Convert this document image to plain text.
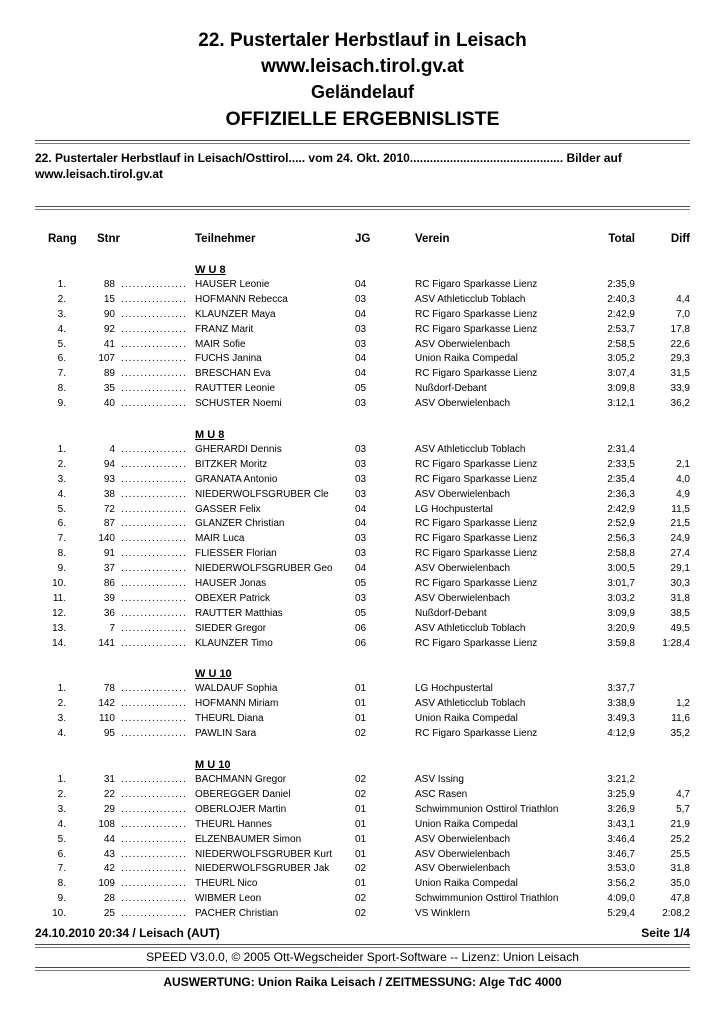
22. Pustertaler Herbstlauf in Leisach
www.leisach.tirol.gv.at
Geländelauf
OFFIZIELLE ERGEBNISLISTE
22. Pustertaler Herbstlauf in Leisach/Osttirol..... vom 24. Okt. 2010.............................................. Bilder auf
www.leisach.tirol.gv.at
Rang	Stnr	Teilnehmer	JG	Verein	Total	Diff
W U 8
1.	88 ................. HAUSER Leonie	04	RC Figaro Sparkasse Lienz	2:35,9
2.	15 ................. HOFMANN Rebecca	03	ASV Athleticclub Toblach	2:40,3	4,4
3.	90 ................. KLAUNZER Maya	04	RC Figaro Sparkasse Lienz	2:42,9	7,0
4.	92 ................. FRANZ Marit	03	RC Figaro Sparkasse Lienz	2:53,7	17,8
5.	41 ................. MAIR Sofie	03	ASV Oberwielenbach	2:58,5	22,6
6.	107 ................. FUCHS Janina	04	Union Raika Compedal	3:05,2	29,3
7.	89 ................. BRESCHAN Eva	04	RC Figaro Sparkasse Lienz	3:07,4	31,5
8.	35 ................. RAUTTER Leonie	05	Nußdorf-Debant	3:09,8	33,9
9.	40 ................. SCHUSTER Noemi	03	ASV Oberwielenbach	3:12,1	36,2
M U 8
1.	4 ................. GHERARDI Dennis	03	ASV Athleticclub Toblach	2:31,4
2.	94 ................. BITZKER Moritz	03	RC Figaro Sparkasse Lienz	2:33,5	2,1
3.	93 ................. GRANATA Antonio	03	RC Figaro Sparkasse Lienz	2:35,4	4,0
4.	38 ................. NIEDERWOLFSGRUBER Cle	03	ASV Oberwielenbach	2:36,3	4,9
5.	72 ................. GASSER Felix	04	LG Hochpustertal	2:42,9	11,5
6.	87 ................. GLANZER Christian	04	RC Figaro Sparkasse Lienz	2:52,9	21,5
7.	140 ................. MAIR Luca	03	RC Figaro Sparkasse Lienz	2:56,3	24,9
8.	91 ................. FLIESSER Florian	03	RC Figaro Sparkasse Lienz	2:58,8	27,4
9.	37 ................. NIEDERWOLFSGRUBER Geo	04	ASV Oberwielenbach	3:00,5	29,1
10.	86 ................. HAUSER Jonas	05	RC Figaro Sparkasse Lienz	3:01,7	30,3
11.	39 ................. OBEXER Patrick	03	ASV Oberwielenbach	3:03,2	31,8
12.	36 ................. RAUTTER Matthias	05	Nußdorf-Debant	3:09,9	38,5
13.	7 ................. SIEDER Gregor	06	ASV Athleticclub Toblach	3:20,9	49,5
14.	141 ................. KLAUNZER Timo	06	RC Figaro Sparkasse Lienz	3:59,8	1:28,4
W U 10
1.	78 ................. WALDAUF Sophia	01	LG Hochpustertal	3:37,7
2.	142 ................. HOFMANN Miriam	01	ASV Athleticclub Toblach	3:38,9	1,2
3.	110 ................. THEURL Diana	01	Union Raika Compedal	3:49,3	11,6
4.	95 ................. PAWLIN Sara	02	RC Figaro Sparkasse Lienz	4:12,9	35,2
M U 10
1.	31 ................. BACHMANN Gregor	02	ASV Issing	3:21,2
2.	22 ................. OBEREGGER Daniel	02	ASC Rasen	3:25,9	4,7
3.	29 ................. OBERLOJER Martin	01	Schwimmunion Osttirol Triathlon	3:26,9	5,7
4.	108 ................. THEURL Hannes	01	Union Raika Compedal	3:43,1	21,9
5.	44 ................. ELZENBAUMER Simon	01	ASV Oberwielenbach	3:46,4	25,2
6.	43 ................. NIEDERWOLFSGRUBER Kurt	01	ASV Oberwielenbach	3:46,7	25,5
7.	42 ................. NIEDERWOLFSGRUBER Jak	02	ASV Oberwielenbach	3:53,0	31,8
8.	109 ................. THEURL Nico	01	Union Raika Compedal	3:56,2	35,0
9.	28 ................. WIBMER Leon	02	Schwimmunion Osttirol Triathlon	4:09,0	47,8
10.	25 ................. PACHER Christian	02	VS Winklern	5:29,4	2:08,2
24.10.2010 20:34 / Leisach (AUT)	Seite 1/4
SPEED V3.0.0, © 2005 Ott-Wegscheider Sport-Software -- Lizenz: Union Leisach
AUSWERTUNG: Union Raika Leisach / ZEITMESSUNG: Alge TdC 4000
